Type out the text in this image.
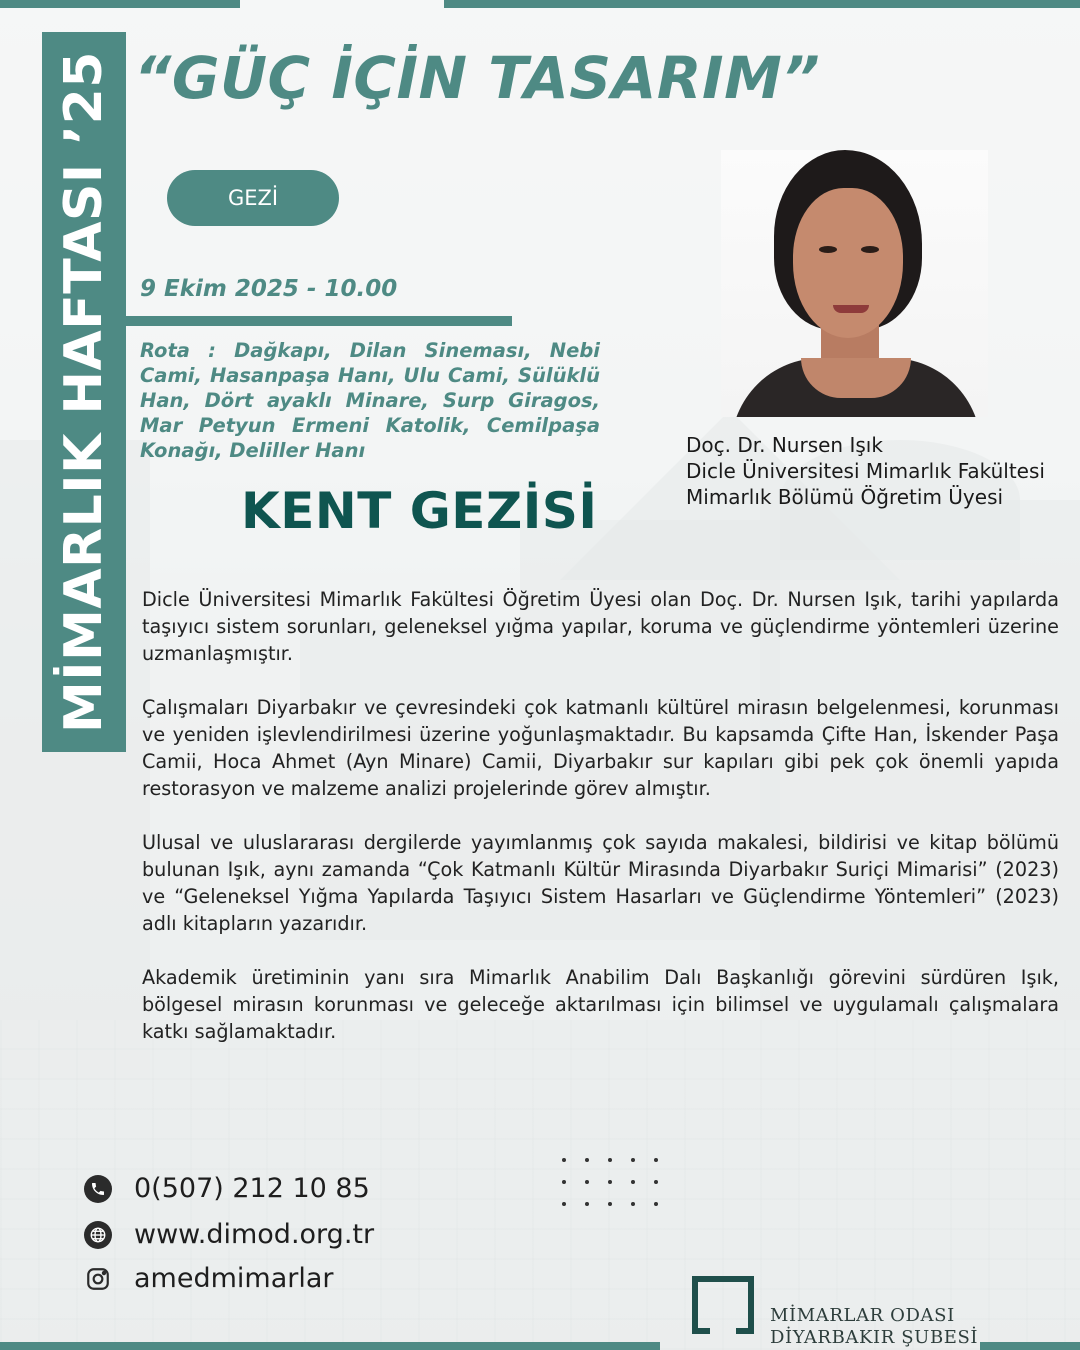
MİMARLIK HAFTASI ’25 “GÜÇ İÇİN TASARIM”
GEZİ
9 Ekim 2025 - 10.00
Rota : Dağkapı, Dilan Sineması, Nebi Cami, Hasanpaşa Hanı, Ulu Cami, Sülüklü Han, Dört ayaklı Minare, Surp Giragos, Mar Petyun Ermeni Katolik, Cemilpaşa Konağı, Deliller Hanı
KENT GEZİSİ
Doç. Dr. Nursen Işık
Dicle Üniversitesi Mimarlık Fakültesi
Mimarlık Bölümü Öğretim Üyesi

Dicle Üniversitesi Mimarlık Fakültesi Öğretim Üyesi olan Doç. Dr. Nursen Işık, tarihi yapılarda taşıyıcı sistem sorunları, geleneksel yığma yapılar, koruma ve güçlendirme yöntemleri üzerine uzmanlaşmıştır.

Çalışmaları Diyarbakır ve çevresindeki çok katmanlı kültürel mirasın belgelenmesi, korunması ve yeniden işlevlendirilmesi üzerine yoğunlaşmaktadır. Bu kapsamda Çifte Han, İskender Paşa Camii, Hoca Ahmet (Ayn Minare) Camii, Diyarbakır sur kapıları gibi pek çok önemli yapıda restorasyon ve malzeme analizi projelerinde görev almıştır.

Ulusal ve uluslararası dergilerde yayımlanmış çok sayıda makalesi, bildirisi ve kitap bölümü bulunan Işık, aynı zamanda “Çok Katmanlı Kültür Mirasında Diyarbakır Suriçi Mimarisi” (2023) ve “Geleneksel Yığma Yapılarda Taşıyıcı Sistem Hasarları ve Güçlendirme Yöntemleri” (2023) adlı kitapların yazarıdır.

Akademik üretiminin yanı sıra Mimarlık Anabilim Dalı Başkanlığı görevini sürdüren Işık, bölgesel mirasın korunması ve geleceğe aktarılması için bilimsel ve uygulamalı çalışmalara katkı sağlamaktadır.

0(507) 212 10 85
www.dimod.org.tr
amedmimarlar
MİMARLAR ODASI
DİYARBAKIR ŞUBESİ
